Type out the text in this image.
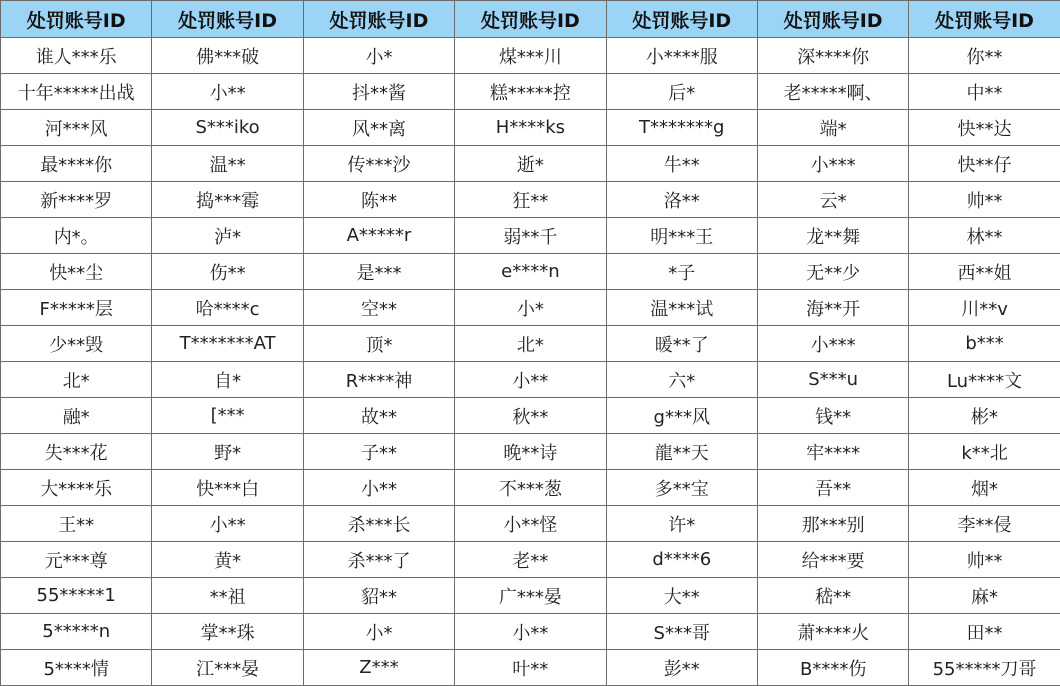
处罚账号ID	处罚账号ID	处罚账号ID	处罚账号ID	处罚账号ID	处罚账号ID	处罚账号ID
谁人***乐	佛***破	小*	煤***川	小****服	深****你	你**
十年*****出战	小**	抖**酱	糕*****控	后*	老*****啊、	中**
河***风	S***iko	风**离	H****ks	T*******g	端*	快**达
最****你	温**	传***沙	逝*	牛**	小***	快**仔
新****罗	捣***霉	陈**	狂**	洛**	云*	帅**
内*。	泸*	A*****r	弱**千	明***王	龙**舞	林**
快**尘	伤**	是***	e****n	*子	无**少	西**姐
F*****层	哈****c	空**	小*	温***试	海**开	川**v
少**毁	T*******AT	顶*	北*	暖**了	小***	b***
北*	自*	R****神	小**	六*	S***u	Lu****文
融*	[***	故**	秋**	g***风	钱**	彬*
失***花	野*	子**	晚**诗	龍**天	牢****	k**北
大****乐	快***白	小**	不***葱	多**宝	吾**	烟*
王**	小**	杀***长	小**怪	许*	那***别	李**侵
元***尊	黄*	杀***了	老**	d****6	给***要	帅**
55*****1	**祖	貂**	广***晏	大**	嵇**	麻*
5*****n	掌**珠	小*	小**	S***哥	萧****火	田**
5****情	江***晏	Z***	叶**	彭**	B****伤	55*****刀哥
